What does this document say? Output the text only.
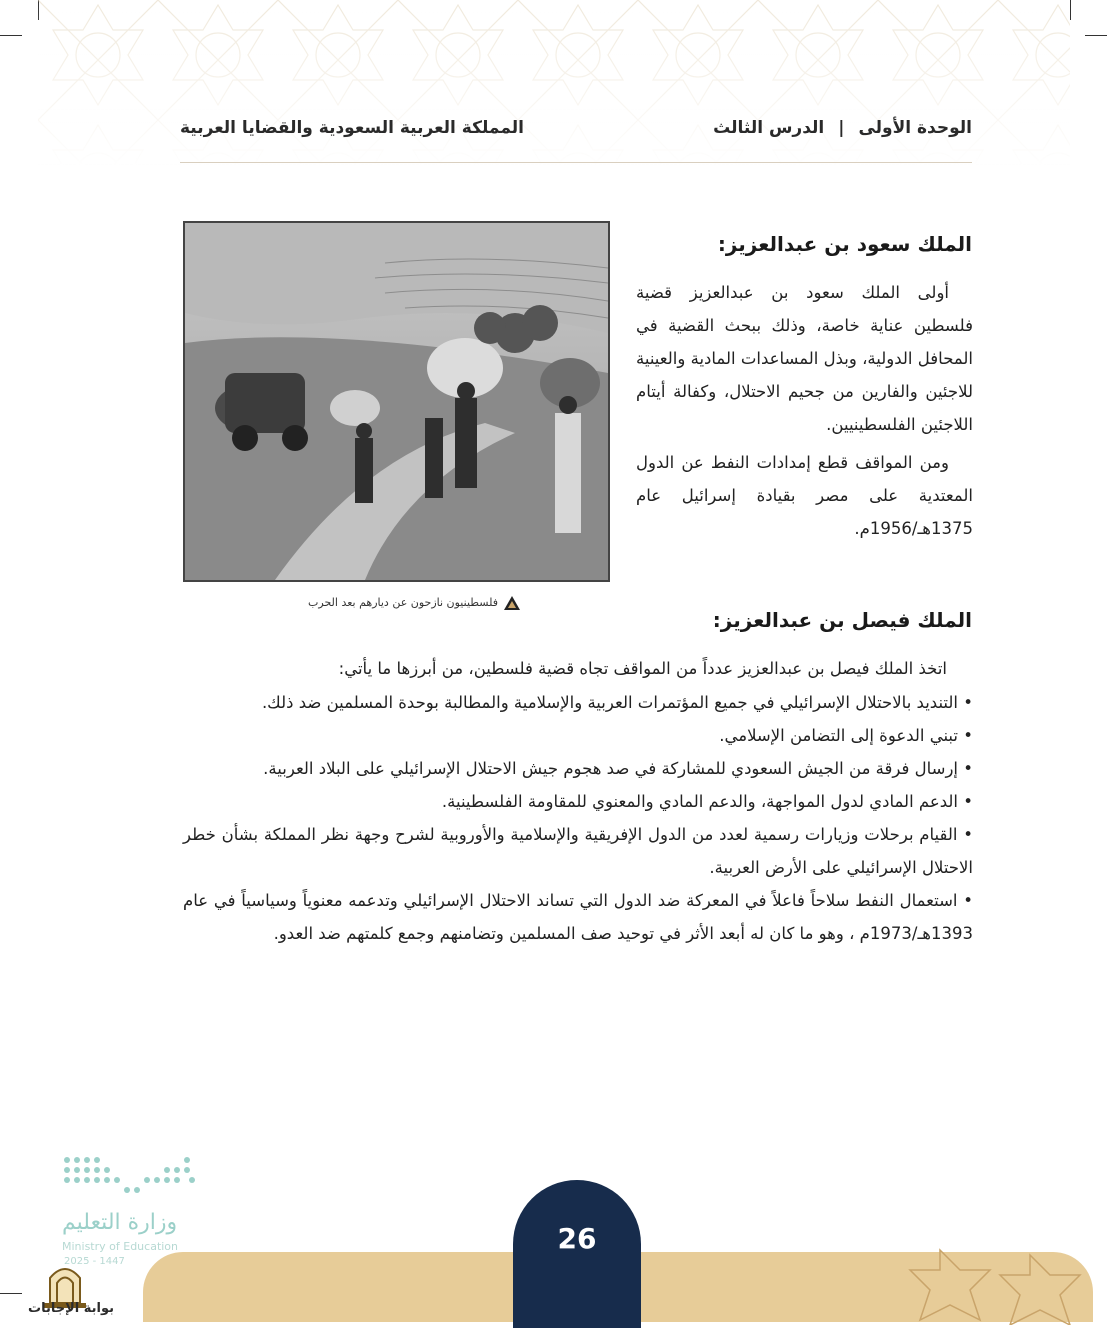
الوحدة الأولى|الدرس الثالث
المملكة العربية السعودية والقضايا العربية
فلسطينيون نازحون عن ديارهم بعد الحرب
الملك سعود بن عبدالعزيز:
أولى الملك سعود بن عبدالعزيز قضية فلسطين عناية خاصة، وذلك ببحث القضية في المحافل الدولية، وبذل المساعدات المادية والعينية للاجئين والفارين من جحيم الاحتلال، وكفالة أيتام اللاجئين الفلسطينيين.
ومن المواقف قطع إمدادات النفط عن الدول المعتدية على مصر بقيادة إسرائيل عام 1375هـ/1956م.
الملك فيصل بن عبدالعزيز:
اتخذ الملك فيصل بن عبدالعزيز عدداً من المواقف تجاه قضية فلسطين، من أبرزها ما يأتي:
• التنديد بالاحتلال الإسرائيلي في جميع المؤتمرات العربية والإسلامية والمطالبة بوحدة المسلمين ضد ذلك.
• تبني الدعوة إلى التضامن الإسلامي.
• إرسال فرقة من الجيش السعودي للمشاركة في صد هجوم جيش الاحتلال الإسرائيلي على البلاد العربية.
• الدعم المادي لدول المواجهة، والدعم المادي والمعنوي للمقاومة الفلسطينية.
• القيام برحلات وزيارات رسمية لعدد من الدول الإفريقية والإسلامية والأوروبية لشرح وجهة نظر المملكة بشأن خطر الاحتلال الإسرائيلي على الأرض العربية.
• استعمال النفط سلاحاً فاعلاً في المعركة ضد الدول التي تساند الاحتلال الإسرائيلي وتدعمه معنوياً وسياسياً في عام 1393هـ/1973م ، وهو ما كان له أبعد الأثر في توحيد صف المسلمين وتضامنهم وجمع كلمتهم ضد العدو.
26
وزارة التعليم
Ministry of Education
2025 - 1447
بوابة الإجابات
